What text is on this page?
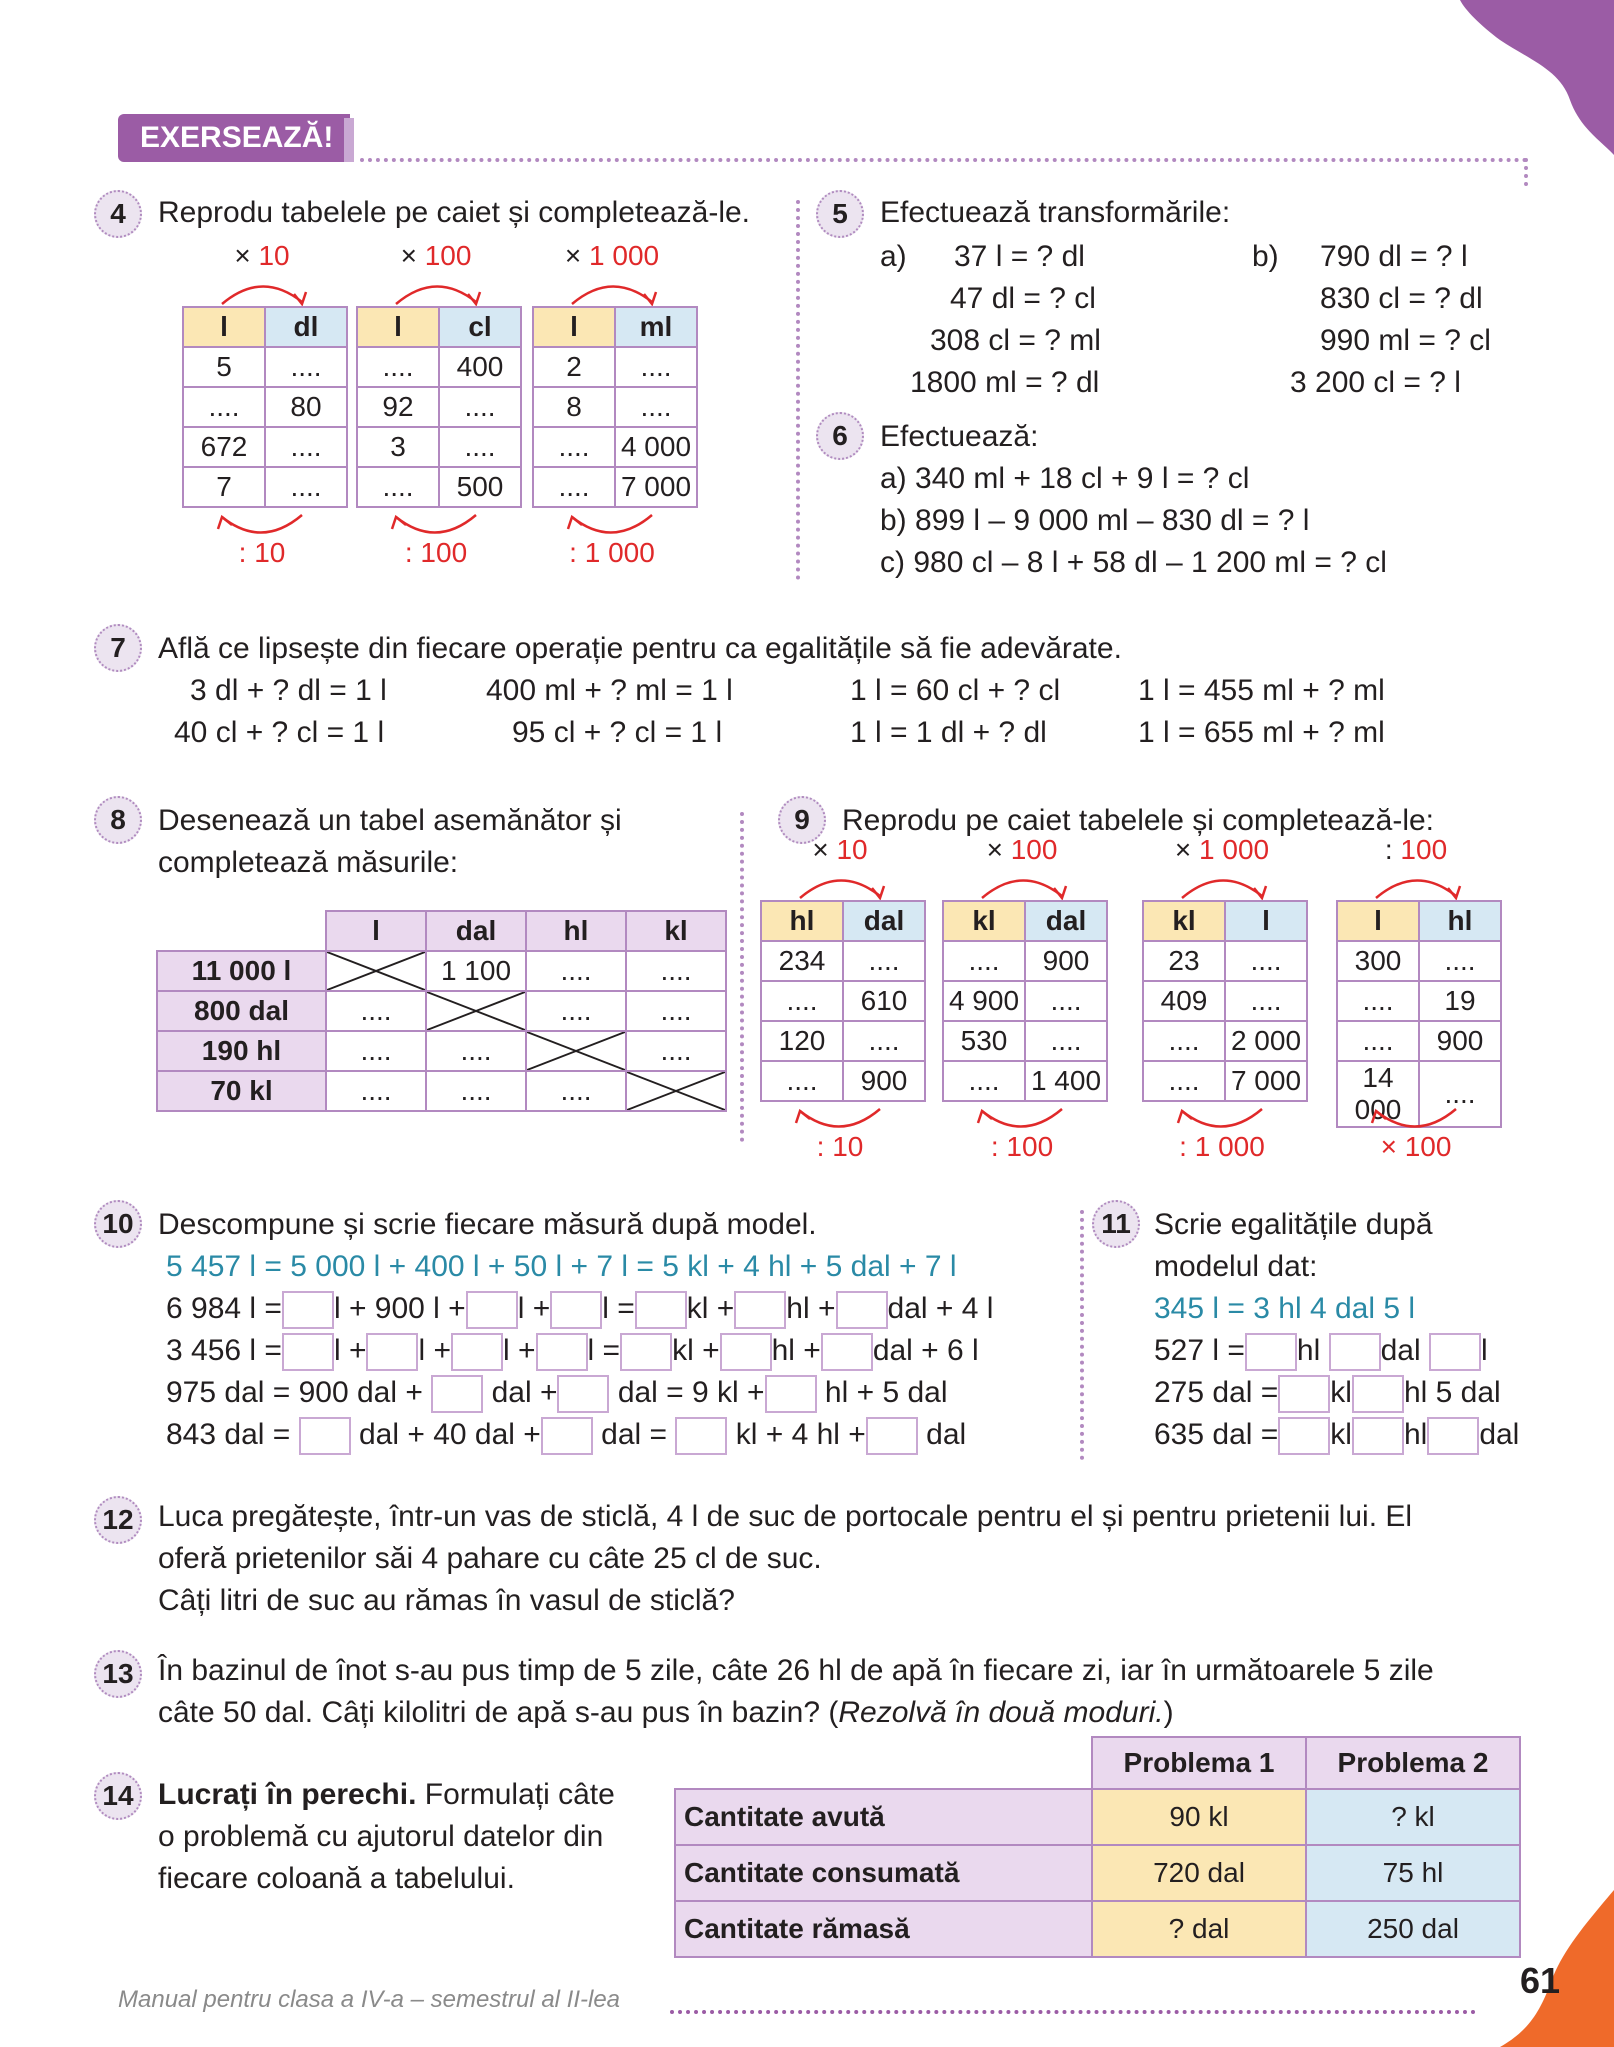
EXERSEAZĂ!
4	Reprodu tabelele pe caiet și completează-le.
× 10
l	dl
5	....
....	80
672	....
7	....
: 10
× 100
l	cl
....	400
92	....
3	....
....	500
: 100
× 1 000
l	ml
2	....
8	....
....	4 000
....	7 000
: 1 000
5	Efectuează transformările:
a)	b)
37 l = ? dl
47 dl = ? cl
308 cl = ? ml
1800 ml = ? dl
790 dl = ? l
830 cl = ? dl
990 ml = ? cl
3 200 cl = ? l
6	Efectuează:
a) 340 ml + 18 cl + 9 l = ? cl
b) 899 l – 9 000 ml – 830 dl = ? l
c) 980 cl – 8 l + 58 dl – 1 200 ml = ? cl
7	Află ce lipsește din fiecare operație pentru ca egalitățile să fie adevărate.
3 dl + ? dl = 1 l	400 ml + ? ml = 1 l	1 l = 60 cl + ? cl	1 l = 455 ml + ? ml
40 cl + ? cl = 1 l	95 cl + ? cl = 1 l	1 l = 1 dl + ? dl	1 l = 655 ml + ? ml
8	Desenează un tabel asemănător și
completează măsurile:
	l	dal	hl	kl
11 000 l		1 100	....	....
800 dal	....		....	....
190 hl	....	....		....
70 kl	....	....	....	
9	Reprodu pe caiet tabelele și completează-le:
× 10
hl	dal
234	....
....	610
120	....
....	900
: 10
× 100
kl	dal
....	900
4 900	....
530	....
....	1 400
: 100
× 1 000
kl	l
23	....
409	....
....	2 000
....	7 000
: 1 000
: 100
l	hl
300	....
....	19
....	900
14 000	....
× 100
10 Descompune și scrie fiecare măsură după model.
5 457 l = 5 000 l + 400 l + 50 l + 7 l = 5 kl + 4 hl + 5 dal + 7 l
6 984 l = l + 900 l + l + l = kl + hl + dal + 4 l
3 456 l = l + l + l + l = kl + hl + dal + 6 l
975 dal = 900 dal + dal + dal = 9 kl + hl + 5 dal
843 dal = dal + 40 dal + dal = kl + 4 hl + dal
11 Scrie egalitățile după
modelul dat:
345 l = 3 hl 4 dal 5 l
527 l = hl dal l
275 dal = kl hl 5 dal
635 dal = kl hl dal
12 Luca pregătește, într-un vas de sticlă, 4 l de suc de portocale pentru el și pentru prietenii lui. El
oferă prietenilor săi 4 pahare cu câte 25 cl de suc.
Câți litri de suc au rămas în vasul de sticlă?
13 În bazinul de înot s-au pus timp de 5 zile, câte 26 hl de apă în fiecare zi, iar în următoarele 5 zile
câte 50 dal. Câți kilolitri de apă s-au pus în bazin? (Rezolvă în două moduri.)
14 Lucrați în perechi. Formulați câte
o problemă cu ajutorul datelor din
fiecare coloană a tabelului.
	Problema 1	Problema 2
Cantitate avută	90 kl	? kl
Cantitate consumată	720 dal	75 hl
Cantitate rămasă	? dal	250 dal
Manual pentru clasa a IV-a – semestrul al II-lea	61
